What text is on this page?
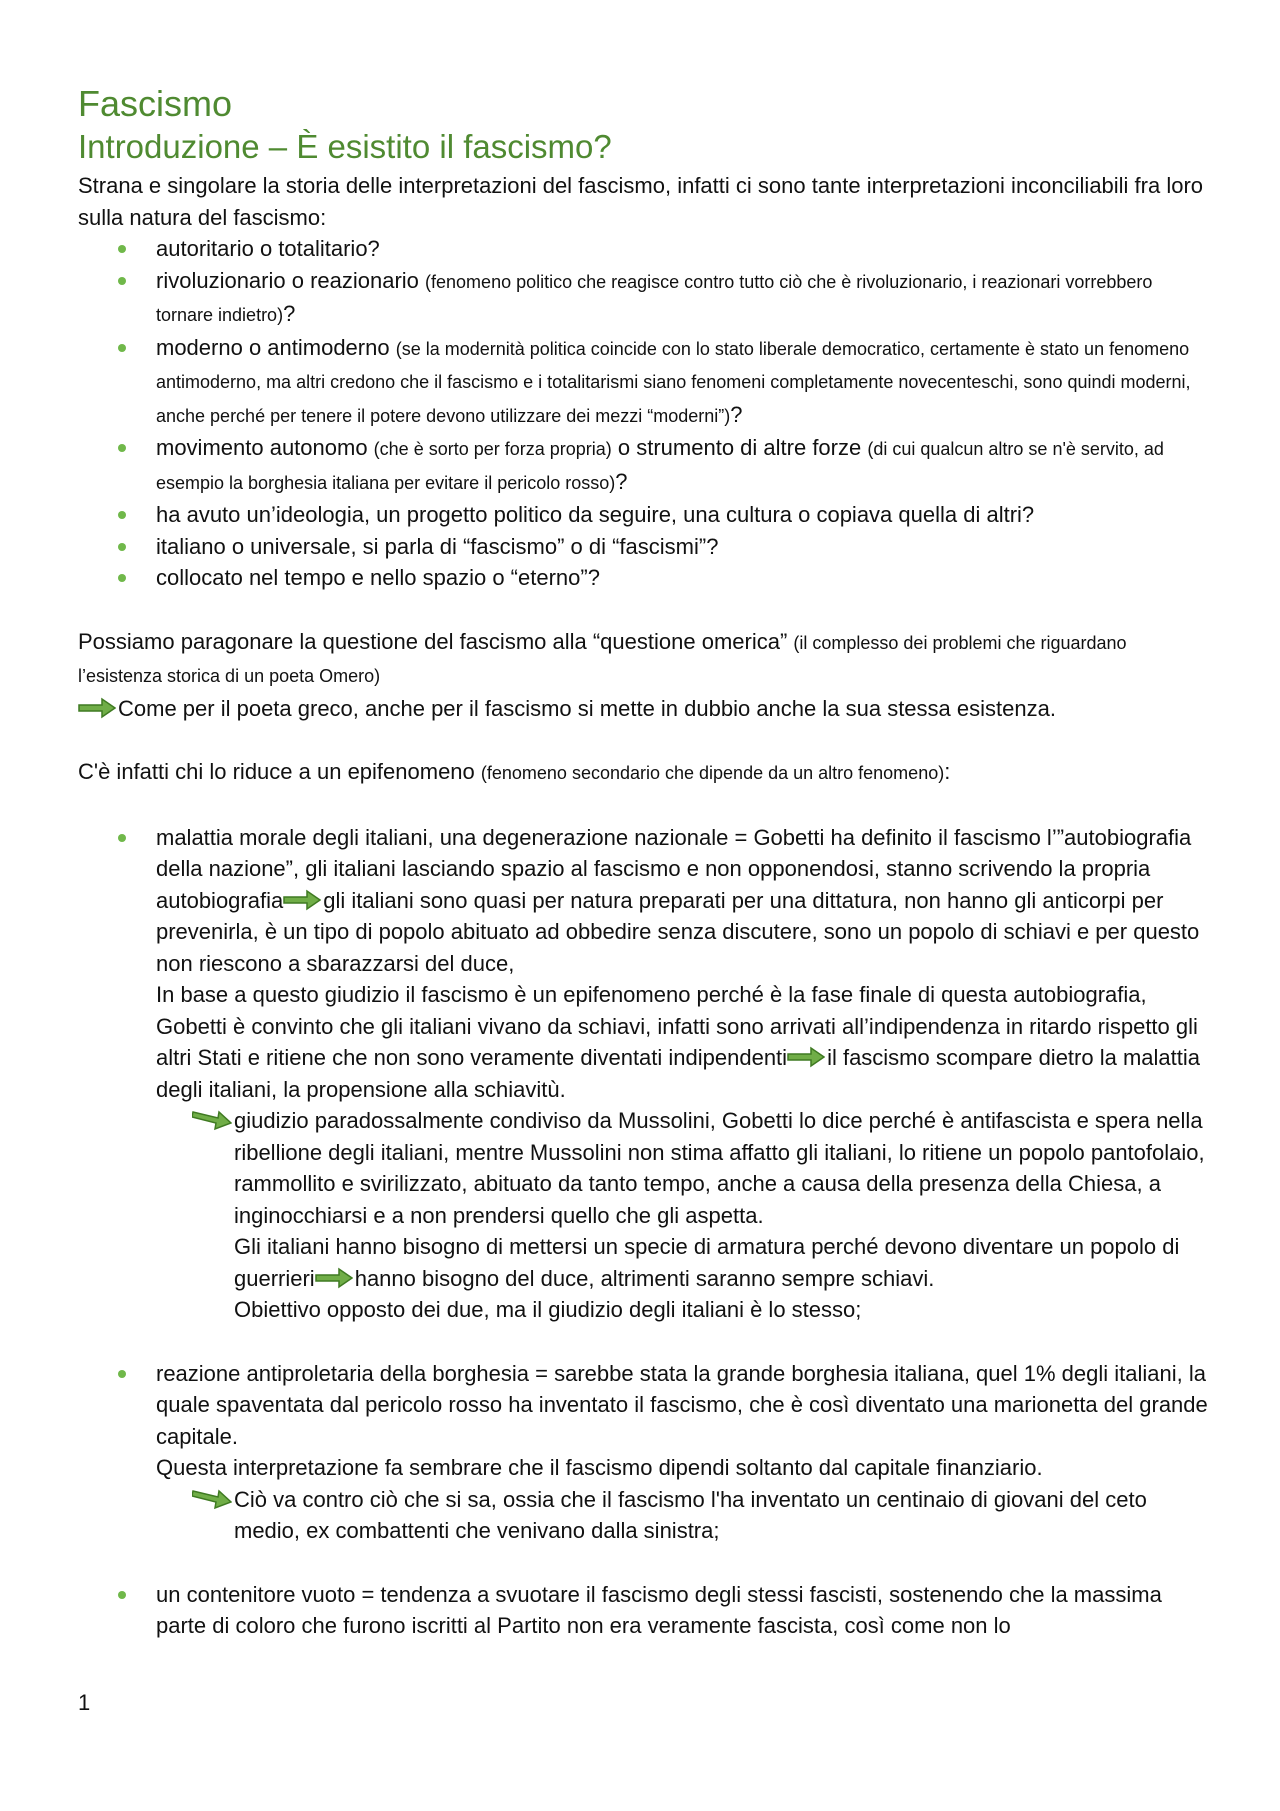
Fascismo
Introduzione – È esistito il fascismo?

Strana e singolare la storia delle interpretazioni del fascismo, infatti ci sono tante interpretazioni inconciliabili fra loro sulla natura del fascismo:

autoritario o totalitario?
rivoluzionario o reazionario (fenomeno politico che reagisce contro tutto ciò che è rivoluzionario, i reazionari vorrebbero tornare indietro)?
moderno o antimoderno (se la modernità politica coincide con lo stato liberale democratico, certamente è stato un fenomeno antimoderno, ma altri credono che il fascismo e i totalitarismi siano fenomeni completamente novecenteschi, sono quindi moderni, anche perché per tenere il potere devono utilizzare dei mezzi “moderni”)?
movimento autonomo (che è sorto per forza propria) o strumento di altre forze (di cui qualcun altro se n'è servito, ad esempio la borghesia italiana per evitare il pericolo rosso)?
ha avuto un’ideologia, un progetto politico da seguire, una cultura o copiava quella di altri?
italiano o universale, si parla di “fascismo” o di “fascismi”?
collocato nel tempo e nello spazio o “eterno”?

Possiamo paragonare la questione del fascismo alla “questione omerica” (il complesso dei problemi che riguardano l’esistenza storica di un poeta Omero)

Come per il poeta greco, anche per il fascismo si mette in dubbio anche la sua stessa esistenza.

C'è infatti chi lo riduce a un epifenomeno (fenomeno secondario che dipende da un altro fenomeno):

malattia morale degli italiani, una degenerazione nazionale = Gobetti ha definito il fascismo l’”autobiografia della nazione”, gli italiani lasciando spazio al fascismo e non opponendosi, stanno scrivendo la propria autobiografia gli italiani sono quasi per natura preparati per una dittatura, non hanno gli anticorpi per prevenirla, è un tipo di popolo abituato ad obbedire senza discutere, sono un popolo di schiavi e per questo non riescono a sbarazzarsi del duce,
In base a questo giudizio il fascismo è un epifenomeno perché è la fase finale di questa autobiografia, Gobetti è convinto che gli italiani vivano da schiavi, infatti sono arrivati all’indipendenza in ritardo rispetto gli altri Stati e ritiene che non sono veramente diventati indipendenti il fascismo scompare dietro la malattia degli italiani, la propensione alla schiavitù.
giudizio paradossalmente condiviso da Mussolini, Gobetti lo dice perché è antifascista e spera nella ribellione degli italiani, mentre Mussolini non stima affatto gli italiani, lo ritiene un popolo pantofolaio, rammollito e svirilizzato, abituato da tanto tempo, anche a causa della presenza della Chiesa, a inginocchiarsi e a non prendersi quello che gli aspetta.
Gli italiani hanno bisogno di mettersi un specie di armatura perché devono diventare un popolo di guerrieri hanno bisogno del duce, altrimenti saranno sempre schiavi.
Obiettivo opposto dei due, ma il giudizio degli italiani è lo stesso;
reazione antiproletaria della borghesia = sarebbe stata la grande borghesia italiana, quel 1% degli italiani, la quale spaventata dal pericolo rosso ha inventato il fascismo, che è così diventato una marionetta del grande capitale.
Questa interpretazione fa sembrare che il fascismo dipendi soltanto dal capitale finanziario.
Ciò va contro ciò che si sa, ossia che il fascismo l'ha inventato un centinaio di giovani del ceto medio, ex combattenti che venivano dalla sinistra;
un contenitore vuoto = tendenza a svuotare il fascismo degli stessi fascisti, sostenendo che la massima parte di coloro che furono iscritti al Partito non era veramente fascista, così come non lo
1
